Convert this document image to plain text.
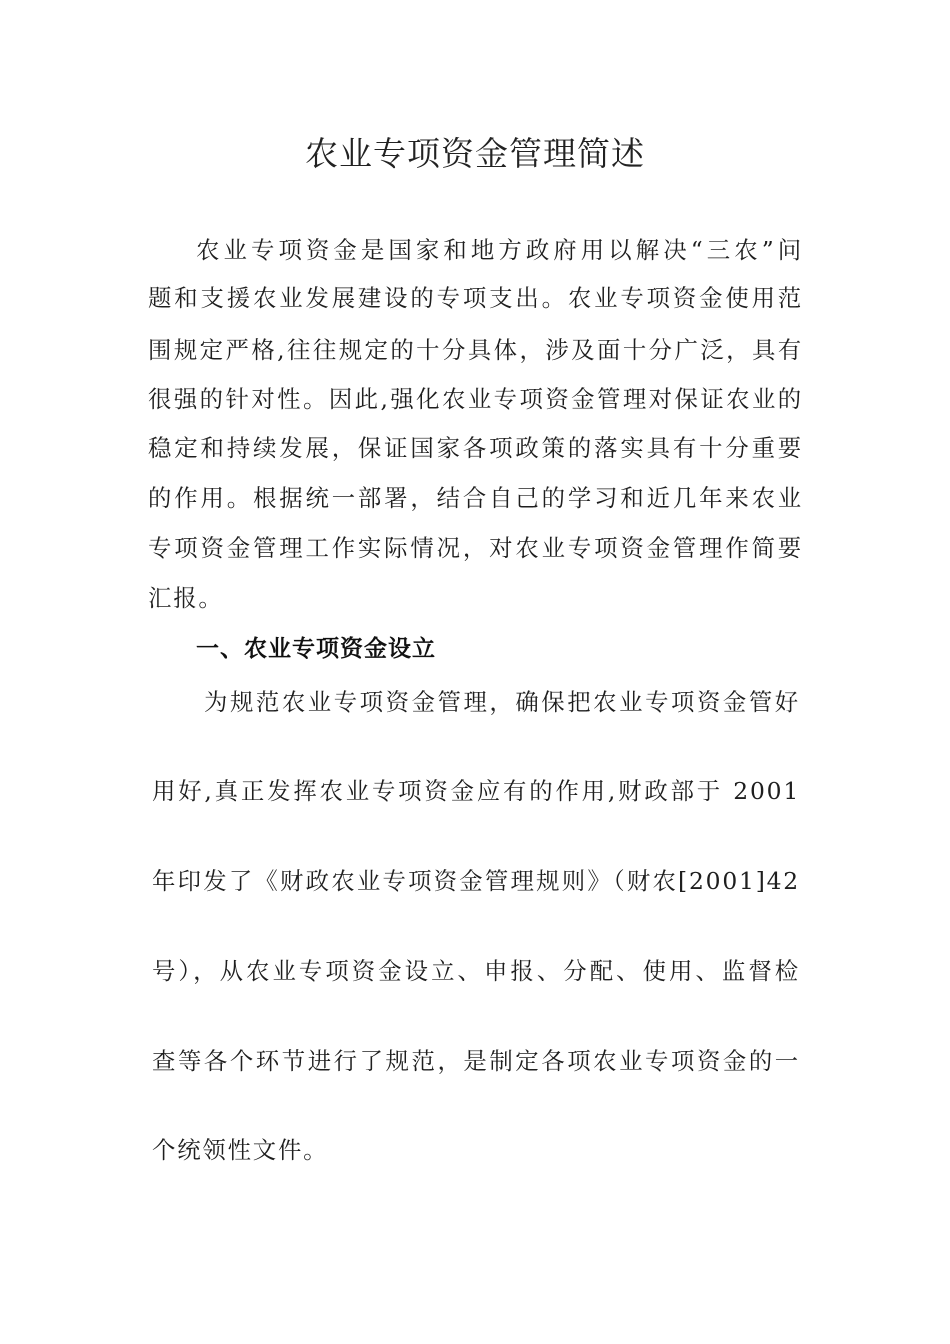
农业专项资金管理简述
农业专项资金是国家和地方政府用以解决“三农”问
题和支援农业发展建设的专项支出。农业专项资金使用范
围规定严格,往往规定的十分具体，涉及面十分广泛，具有
很强的针对性。因此,强化农业专项资金管理对保证农业的
稳定和持续发展，保证国家各项政策的落实具有十分重要
的作用。根据统一部署，结合自己的学习和近几年来农业
专项资金管理工作实际情况，对农业专项资金管理作简要
汇报。
一、农业专项资金设立
为规范农业专项资金管理，确保把农业专项资金管好
用好,真正发挥农业专项资金应有的作用,财政部于 2001
年印发了《财政农业专项资金管理规则》（财农[2001]42
号），从农业专项资金设立、申报、分配、使用、监督检
查等各个环节进行了规范，是制定各项农业专项资金的一
个统领性文件。
